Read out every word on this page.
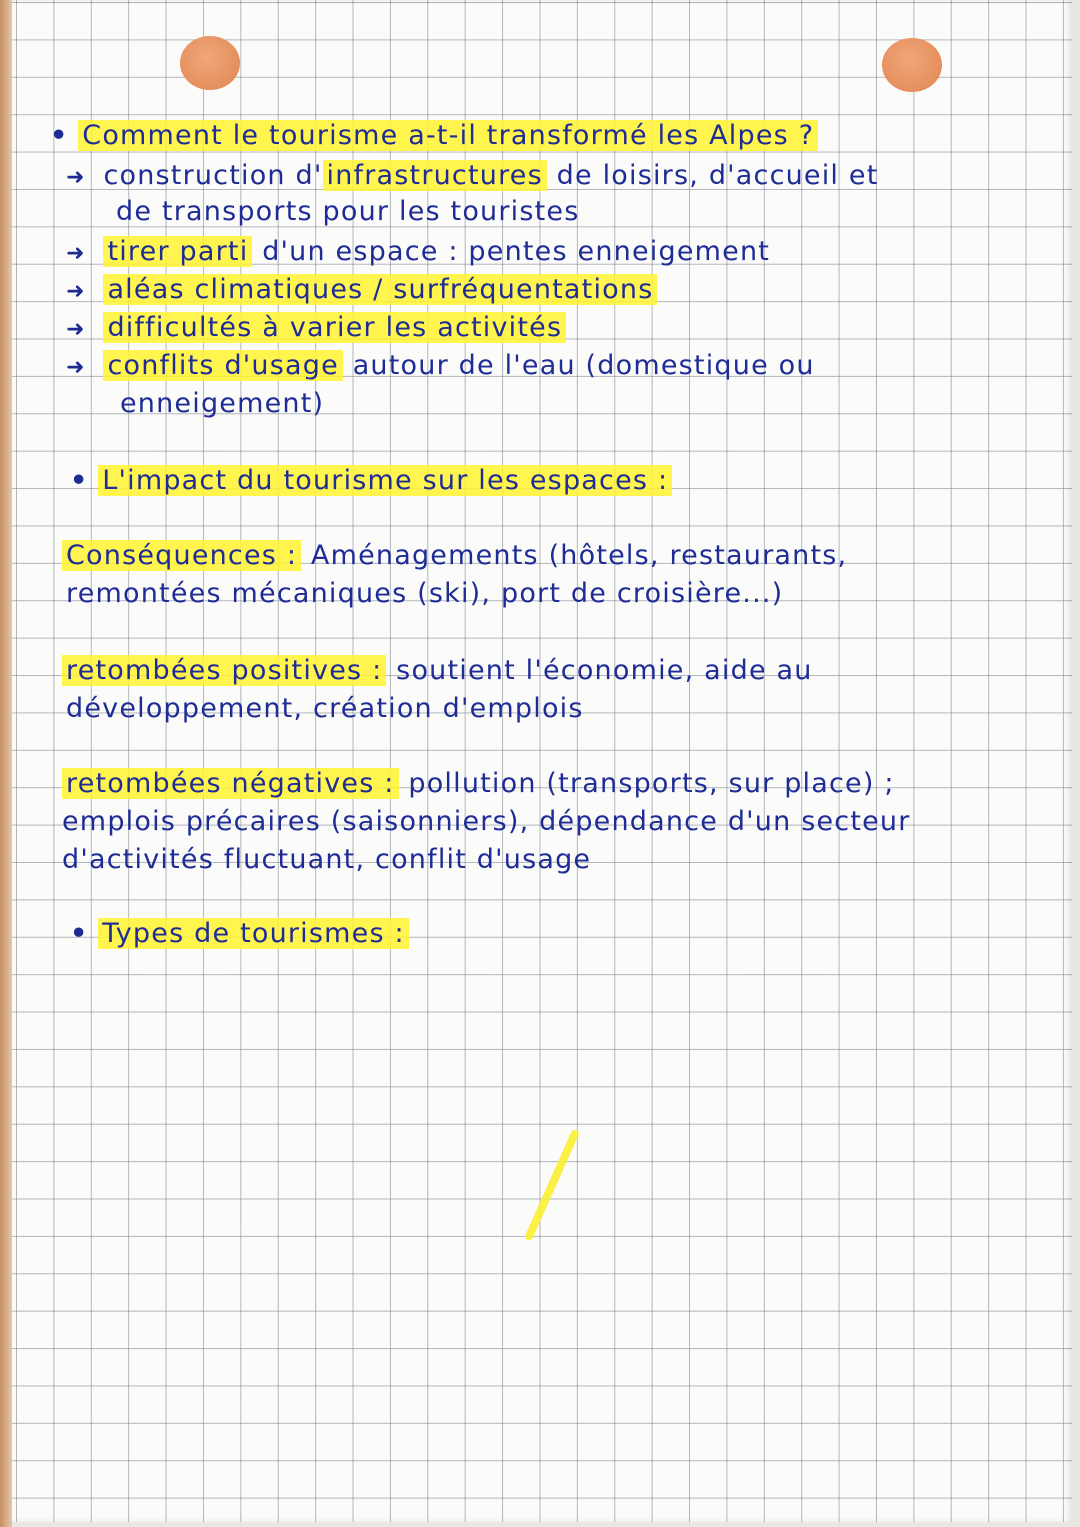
• Comment le tourisme a-t-il transformé les Alpes ?
➜ construction d' infrastructures de loisirs, d'accueil et
de transports pour les touristes
➜ tirer parti d'un espace : pentes enneigement
➜ aléas climatiques / surfréquentations
➜ difficultés à varier les activités
➜ conflits d'usage autour de l'eau (domestique ou
enneigement)
• L'impact du tourisme sur les espaces :
Conséquences : Aménagements (hôtels, restaurants,
remontées mécaniques (ski), port de croisière...)
retombées positives : soutient l'économie, aide au
développement, création d'emplois
retombées négatives : pollution (transports, sur place) ;
emplois précaires (saisonniers), dépendance d'un secteur
d'activités fluctuant, conflit d'usage
• Types de tourismes :
